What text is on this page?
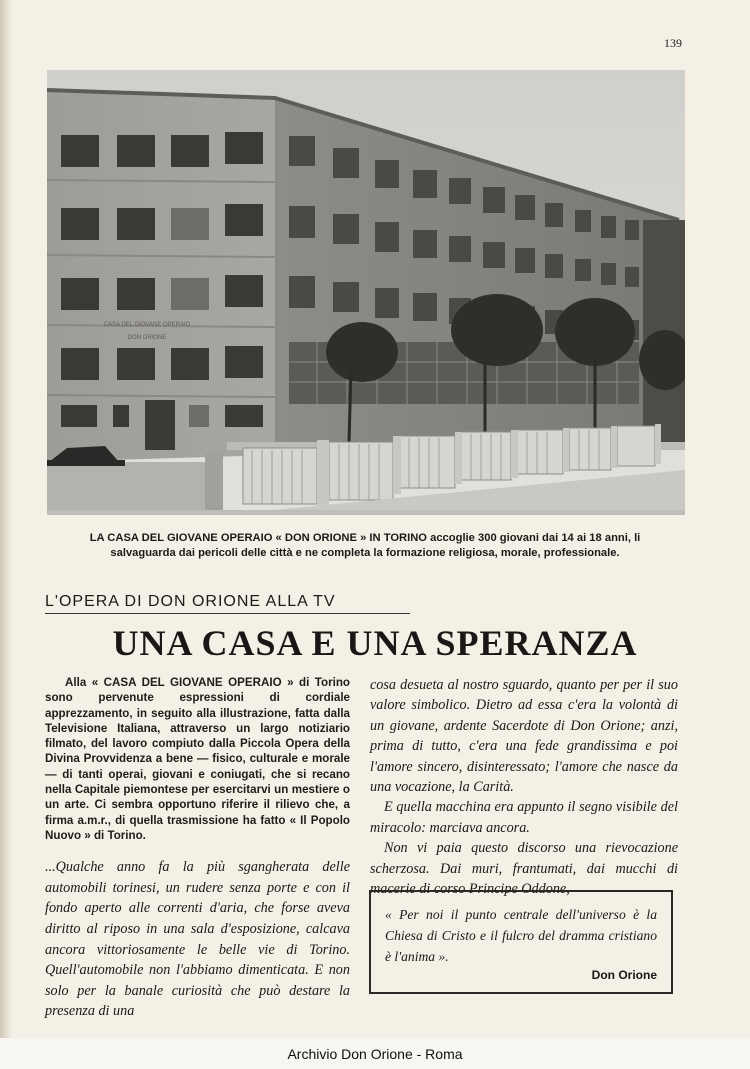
139
CASA DEL GIOVANE OPERAIO
DON ORIONE
LA CASA DEL GIOVANE OPERAIO « DON ORIONE » IN TORINO accoglie 300 giovani dai 14 ai 18 anni, li salvaguarda dai pericoli delle città e ne completa la formazione religiosa, morale, professionale.
L'OPERA DI DON ORIONE ALLA TV
UNA CASA E UNA SPERANZA

Alla « CASA DEL GIOVANE OPERAIO » di Torino sono pervenute espressioni di cordiale apprezzamento, in seguito alla illustrazione, fatta dalla Televisione Italiana, attraverso un largo notiziario filmato, del lavoro compiuto dalla Piccola Opera della Divina Provvidenza a bene — fisico, culturale e morale — di tanti operai, giovani e coniugati, che si recano nella Capitale piemontese per esercitarvi un mestiere o un arte. Ci sembra opportuno riferire il rilievo che, a firma a.m.r., di quella trasmissione ha fatto « Il Popolo Nuovo » di Torino.

...Qualche anno fa la più sgangherata delle automobili torinesi, un rudere senza porte e con il fondo aperto alle correnti d'aria, che forse aveva diritto al riposo in una sala d'esposizione, calcava ancora vittoriosamente le belle vie di Torino. Quell'automobile non l'abbiamo dimenticata. E non solo per la banale curiosità che può destare la presenza di una

cosa desueta al nostro sguardo, quanto per per il suo valore simbolico. Dietro ad essa c'era la volontà di un giovane, ardente Sacerdote di Don Orione; anzi, prima di tutto, c'era una fede grandissima e poi l'amore sincero, disinteressato; l'amore che nasce da una vocazione, la Carità.

E quella macchina era appunto il segno visibile del miracolo: marciava ancora.

Non vi paia questo discorso una rievocazione scherzosa. Dai muri, frantumati, dai mucchi di macerie di corso Principe Oddone,

« Per noi il punto centrale dell'universo è la Chiesa di Cristo e il fulcro del dramma cristiano è l'anima ».

Don Orione
Archivio Don Orione - Roma
